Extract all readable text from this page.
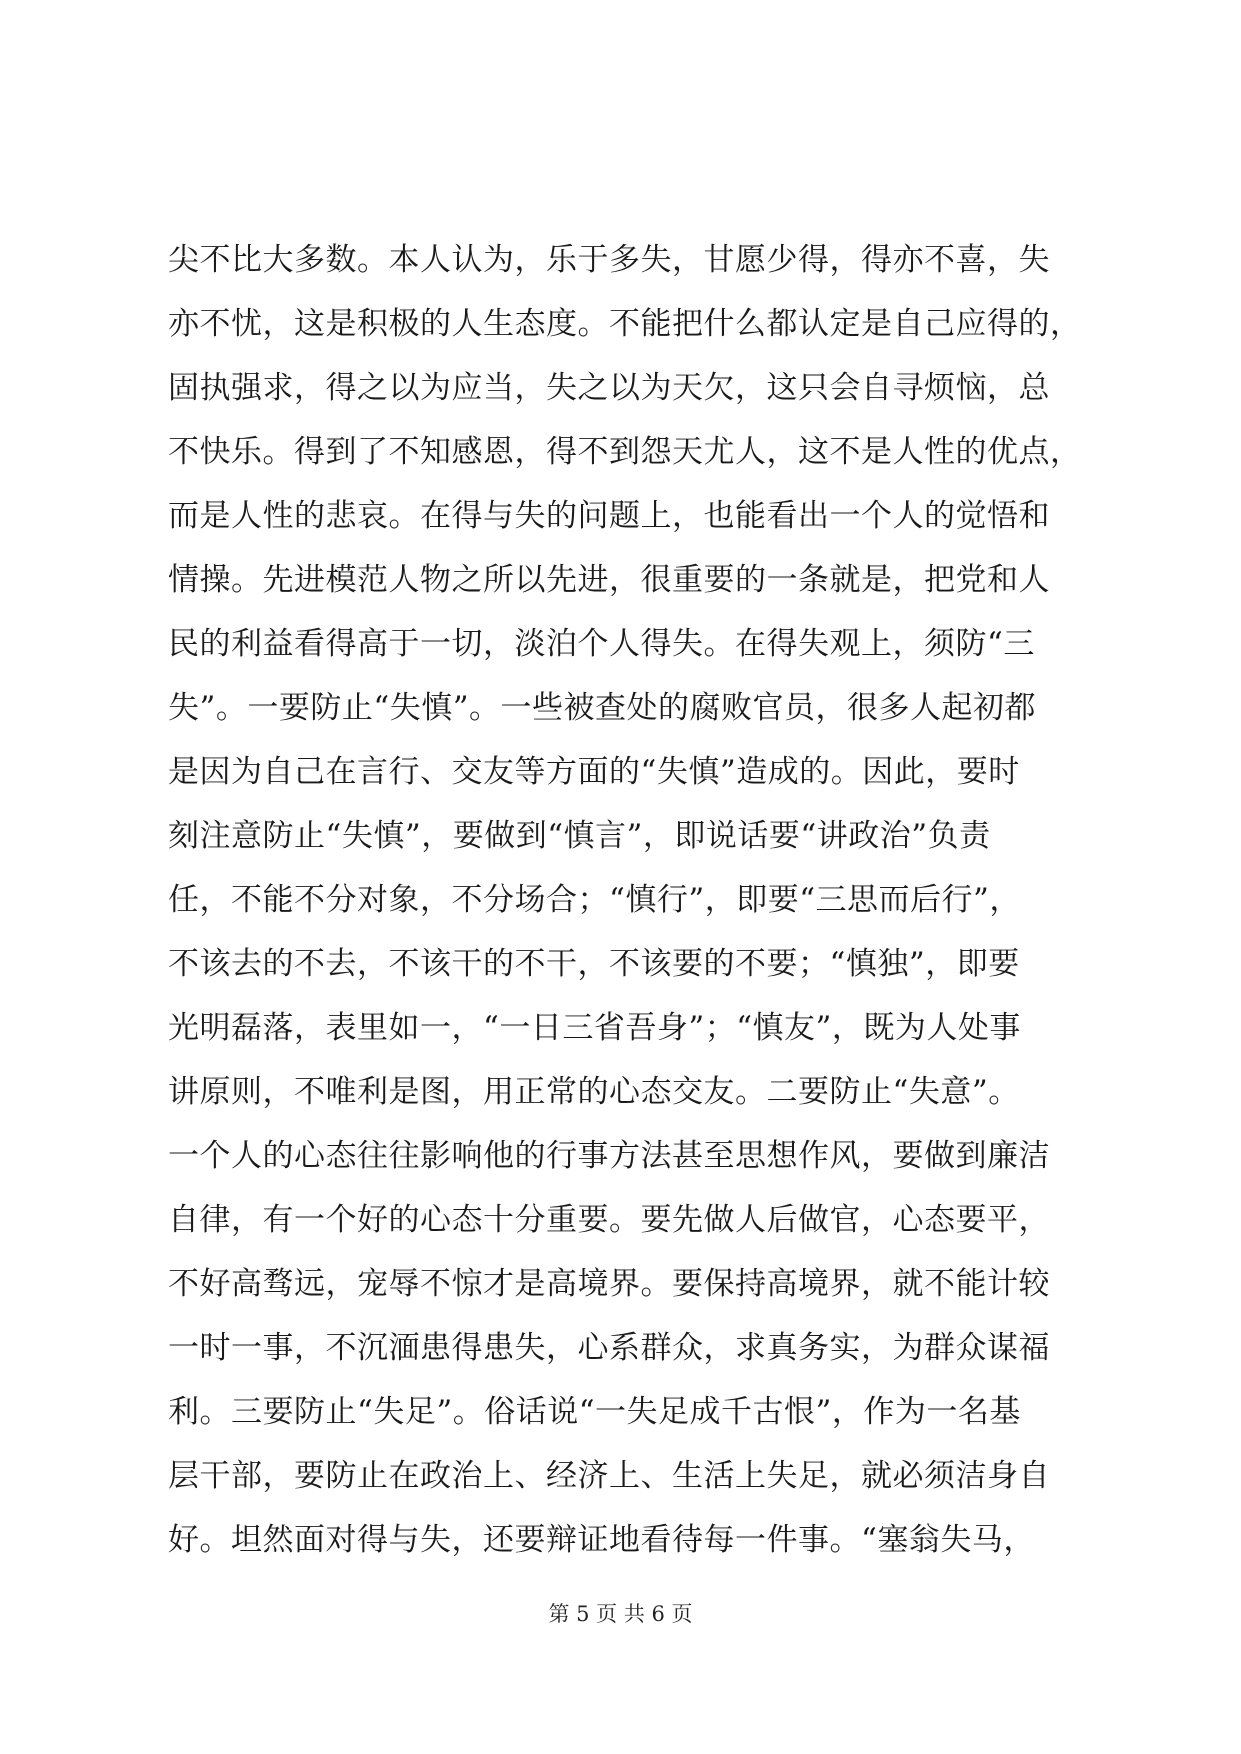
尖不比大多数。本人认为，乐于多失，甘愿少得，得亦不喜，失
亦不忧，这是积极的人生态度。不能把什么都认定是自己应得的，
固执强求，得之以为应当，失之以为天欠，这只会自寻烦恼，总
不快乐。得到了不知感恩，得不到怨天尤人，这不是人性的优点，
而是人性的悲哀。在得与失的问题上，也能看出一个人的觉悟和
情操。先进模范人物之所以先进，很重要的一条就是，把党和人
民的利益看得高于一切，淡泊个人得失。在得失观上，须防“三
失”。一要防止“失慎”。一些被查处的腐败官员，很多人起初都
是因为自己在言行、交友等方面的“失慎”造成的。因此，要时
刻注意防止“失慎”，要做到“慎言”，即说话要“讲政治”负责
任，不能不分对象，不分场合；“慎行”，即要“三思而后行”，
不该去的不去，不该干的不干，不该要的不要；“慎独”，即要
光明磊落，表里如一，“一日三省吾身”；“慎友”，既为人处事
讲原则，不唯利是图，用正常的心态交友。二要防止“失意”。
一个人的心态往往影响他的行事方法甚至思想作风，要做到廉洁
自律，有一个好的心态十分重要。要先做人后做官，心态要平，
不好高骛远，宠辱不惊才是高境界。要保持高境界，就不能计较
一时一事，不沉湎患得患失，心系群众，求真务实，为群众谋福
利。三要防止“失足”。俗话说“一失足成千古恨”，作为一名基
层干部，要防止在政治上、经济上、生活上失足，就必须洁身自
好。坦然面对得与失，还要辩证地看待每一件事。“塞翁失马，
第 5 页 共 6 页
